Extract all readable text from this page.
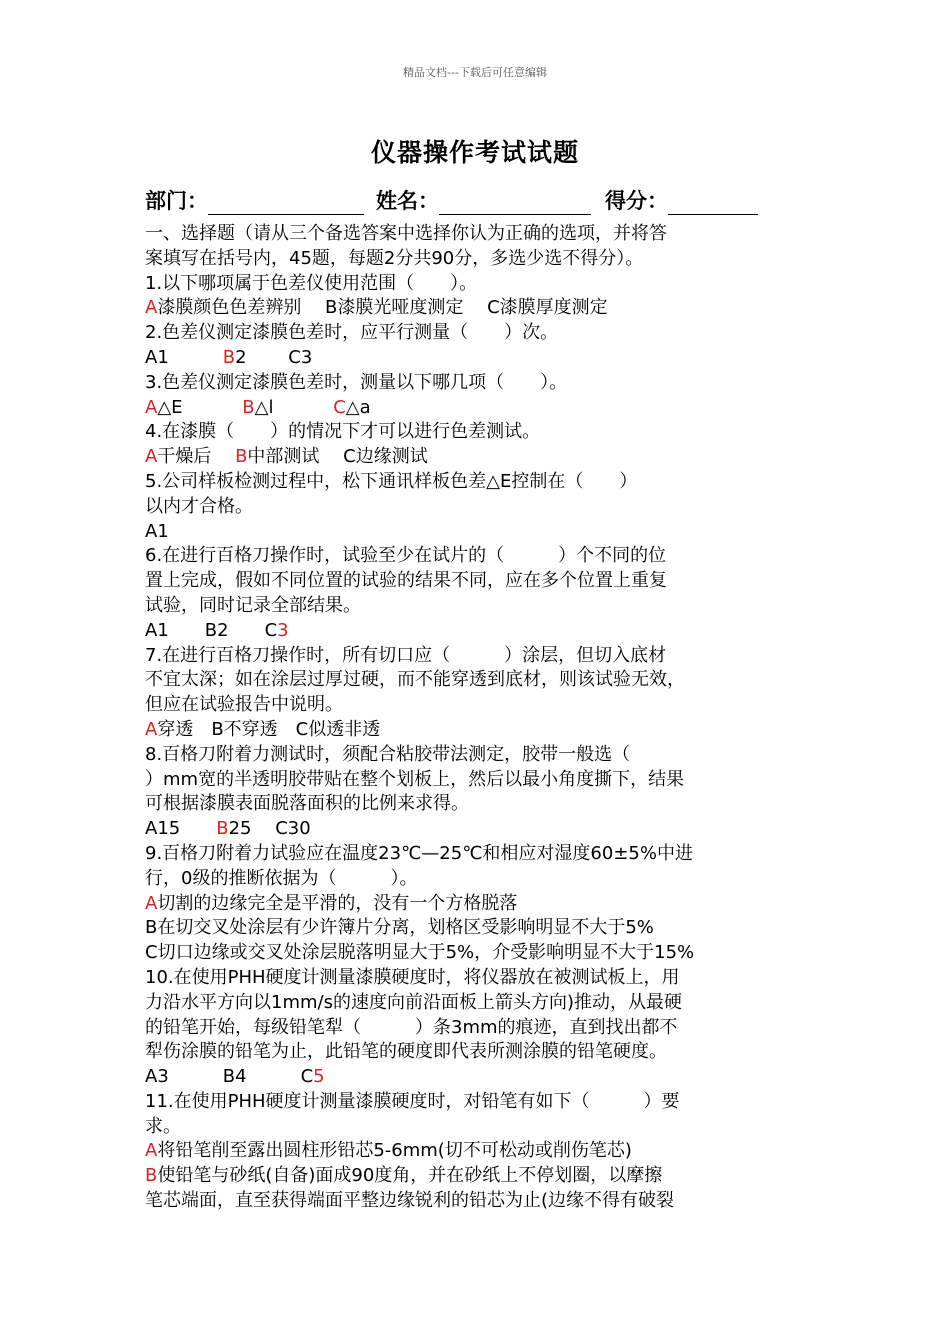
精品文档---下载后可任意编辑
仪器操作考试试题
部门：	姓名：	得分：
一、选择题（请从三个备选答案中选择你认为正确的选项，并将答
案填写在括号内，45题，每题2分共90分，多选少选不得分）。
1.以下哪项属于色差仪使用范围（　　）。
A漆膜颜色色差辨别　 B漆膜光哑度测定　 C漆膜厚度测定
2.色差仪测定漆膜色差时，应平行测量（　　）次。
A1　　　B2　　 C3
3.色差仪测定漆膜色差时，测量以下哪几项（　　）。
A△E　　　 B△l　　　 C△a
4.在漆膜（　　）的情况下才可以进行色差测试。
A干燥后　 B中部测试　 C边缘测试
5.公司样板检测过程中，松下通讯样板色差△E控制在（　　）
以内才合格。
A1
6.在进行百格刀操作时，试验至少在试片的（　　　）个不同的位
置上完成，假如不同位置的试验的结果不同，应在多个位置上重复
试验，同时记录全部结果。
A1　　B2　　C3
7.在进行百格刀操作时，所有切口应（　　　）涂层，但切入底材
不宜太深；如在涂层过厚过硬，而不能穿透到底材，则该试验无效，
但应在试验报告中说明。
A穿透　B不穿透　C似透非透
8.百格刀附着力测试时，须配合粘胶带法测定，胶带一般选（
）mm宽的半透明胶带贴在整个划板上，然后以最小角度撕下，结果
可根据漆膜表面脱落面积的比例来求得。
A15　　B25　 C30
9.百格刀附着力试验应在温度23℃—25℃和相应对湿度60±5%中进
行，0级的推断依据为（　　　）。
A切割的边缘完全是平滑的，没有一个方格脱落
B在切交叉处涂层有少许簿片分离，划格区受影响明显不大于5%
C切口边缘或交叉处涂层脱落明显大于5%，介受影响明显不大于15%
10.在使用PHH硬度计测量漆膜硬度时，将仪器放在被测试板上，用
力沿水平方向以1mm/s的速度向前沿面板上箭头方向)推动，从最硬
的铅笔开始，每级铅笔犁（　　　）条3mm的痕迹，直到找出都不
犁伤涂膜的铅笔为止，此铅笔的硬度即代表所测涂膜的铅笔硬度。
A3　　　B4　　　C5
11.在使用PHH硬度计测量漆膜硬度时，对铅笔有如下（　　　）要
求。
A将铅笔削至露出圆柱形铅芯5-6mm(切不可松动或削伤笔芯)
B使铅笔与砂纸(自备)面成90度角，并在砂纸上不停划圈，以摩擦
笔芯端面，直至获得端面平整边缘锐利的铅芯为止(边缘不得有破裂
